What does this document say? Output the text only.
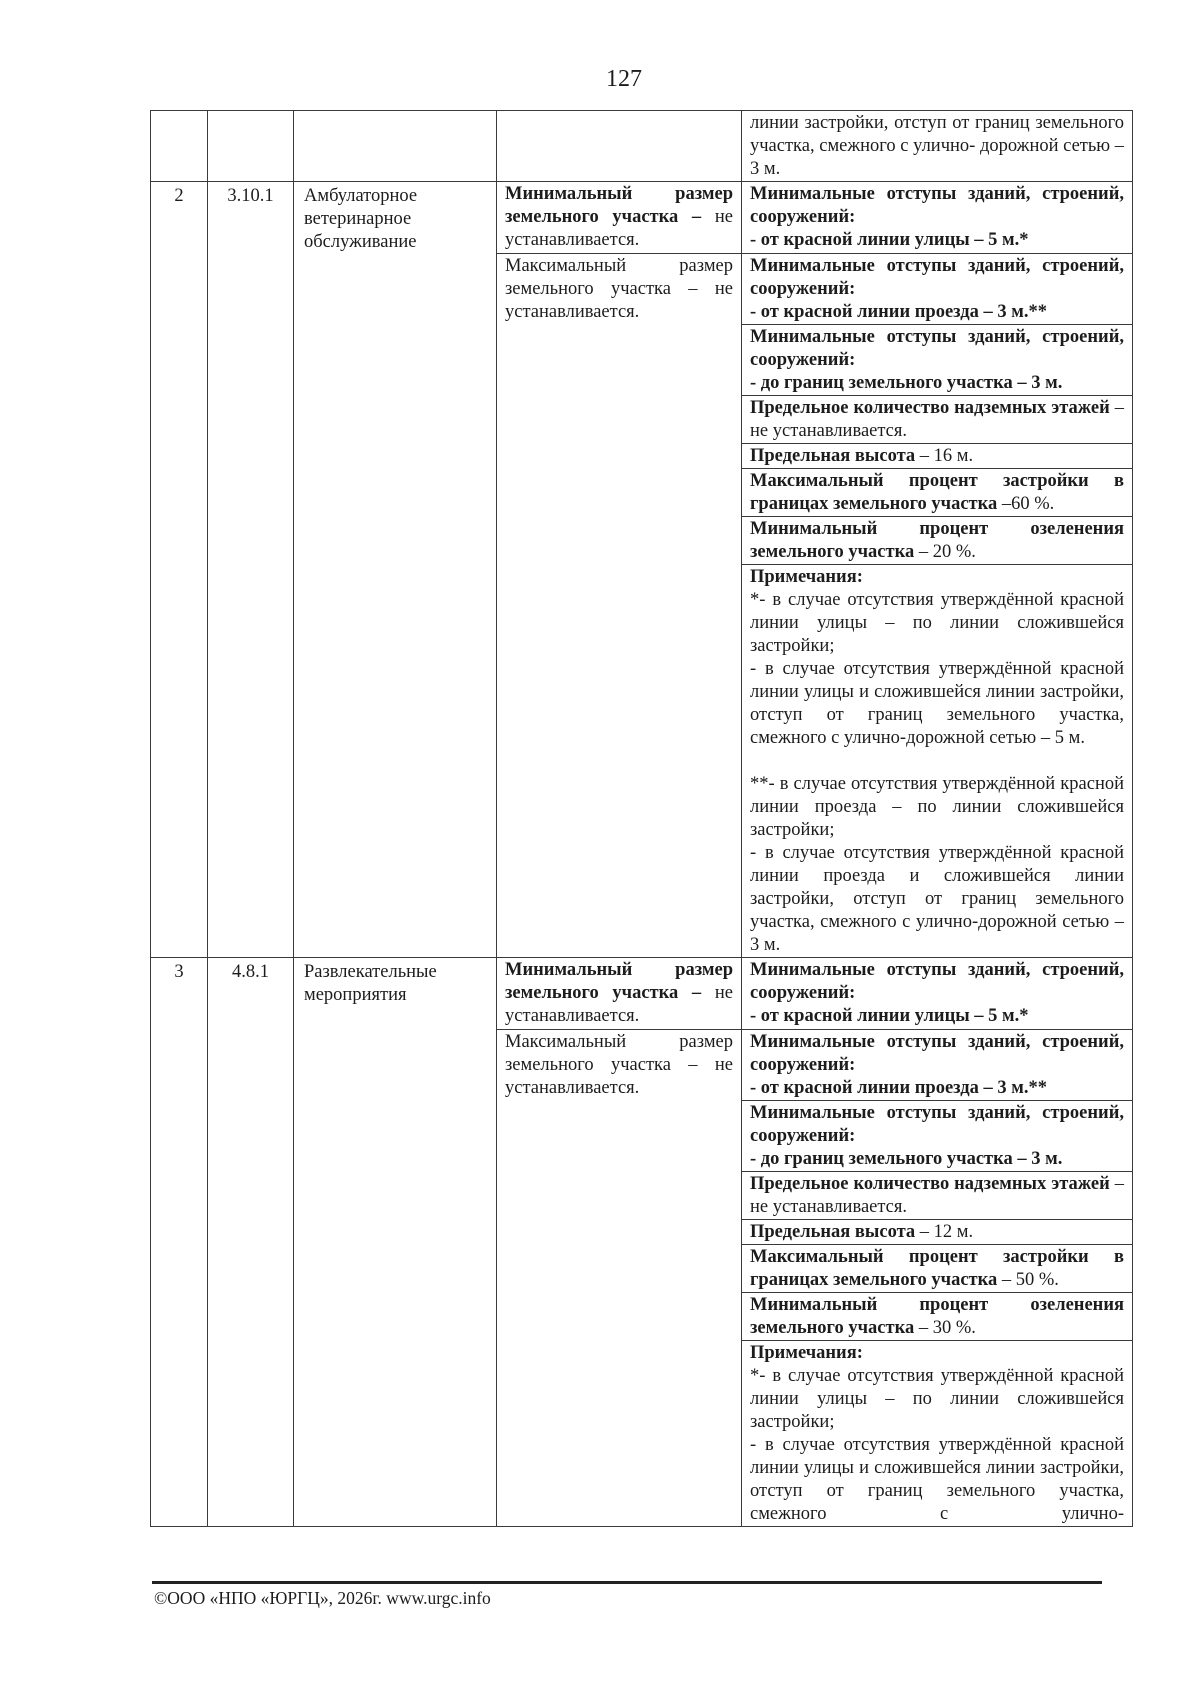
127
				линии застройки, отступ от границ земельного участка, смежного с улично- дорожной сетью – 3 м.
2	3.10.1	Амбулаторное ветеринарное обслуживание	Минимальный размер земельного участка – не устанавливается.	Минимальные отступы зданий, строений, сооружений:
- от красной линии улицы – 5 м.*
			Максимальный размер земельного участка – не устанавливается.	Минимальные отступы зданий, строений, сооружений:
- от красной линии проезда – 3 м.**
				Минимальные отступы зданий, строений, сооружений:
- до границ земельного участка – 3 м.
				Предельное количество надземных этажей – не устанавливается.
				Предельная высота – 16 м.
				Максимальный процент застройки в границах земельного участка –60 %.
				Минимальный процент озеленения земельного участка – 20 %.

				Примечания:
*- в случае отсутствия утверждённой красной линии улицы – по линии сложившейся застройки;
- в случае отсутствия утверждённой красной линии улицы и сложившейся линии застройки, отступ от границ земельного участка, смежного с улично-дорожной сетью – 5 м.
**- в случае отсутствия утверждённой красной линии проезда – по линии сложившейся застройки;
- в случае отсутствия утверждённой красной линии проезда и сложившейся линии застройки, отступ от границ земельного участка, смежного с улично-дорожной сетью – 3 м.

3	4.8.1	Развлекательные мероприятия	Минимальный размер земельного участка – не устанавливается.	Минимальные отступы зданий, строений, сооружений:
- от красной линии улицы – 5 м.*
			Максимальный размер земельного участка – не устанавливается.	Минимальные отступы зданий, строений, сооружений:
- от красной линии проезда – 3 м.**
				Минимальные отступы зданий, строений, сооружений:
- до границ земельного участка – 3 м.
				Предельное количество надземных этажей – не устанавливается.
				Предельная высота – 12 м.
				Максимальный процент застройки в границах земельного участка – 50 %.
				Минимальный процент озеленения земельного участка – 30 %.

				Примечания:
*- в случае отсутствия утверждённой красной линии улицы – по линии сложившейся застройки;
- в случае отсутствия утверждённой красной линии улицы и сложившейся линии застройки, отступ от границ земельного участка, смежного с улично-
©ООО «НПО «ЮРГЦ», 2026г. www.urgc.info
